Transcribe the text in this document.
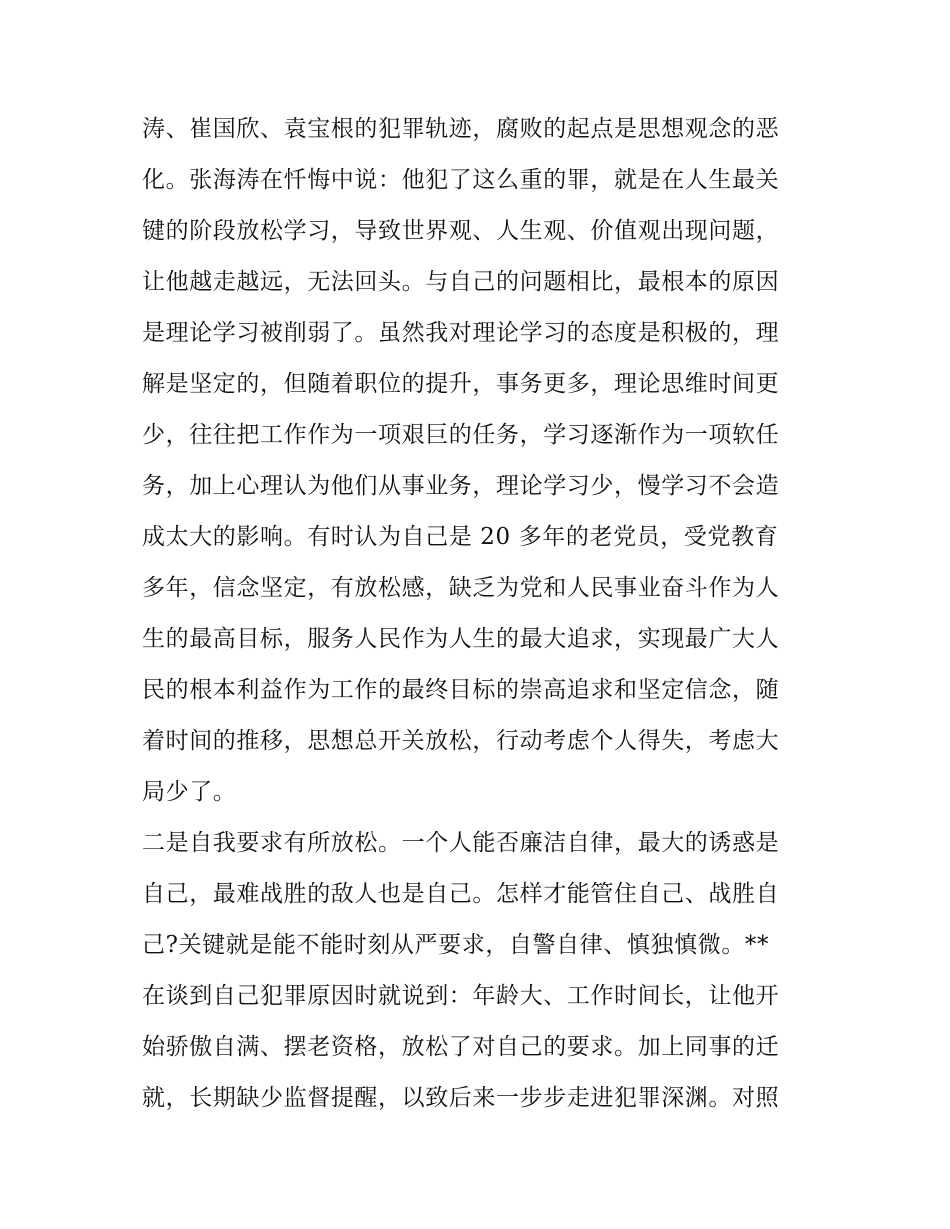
涛、崔国欣、袁宝根的犯罪轨迹，腐败的起点是思想观念的恶
化。张海涛在忏悔中说：他犯了这么重的罪，就是在人生最关
键的阶段放松学习，导致世界观、人生观、价值观出现问题，
让他越走越远，无法回头。与自己的问题相比，最根本的原因
是理论学习被削弱了。虽然我对理论学习的态度是积极的，理
解是坚定的，但随着职位的提升，事务更多，理论思维时间更
少，往往把工作作为一项艰巨的任务，学习逐渐作为一项软任
务，加上心理认为他们从事业务，理论学习少，慢学习不会造
成太大的影响。有时认为自己是 20 多年的老党员，受党教育
多年，信念坚定，有放松感，缺乏为党和人民事业奋斗作为人
生的最高目标，服务人民作为人生的最大追求，实现最广大人
民的根本利益作为工作的最终目标的崇高追求和坚定信念，随
着时间的推移，思想总开关放松，行动考虑个人得失，考虑大
局少了。
二是自我要求有所放松。一个人能否廉洁自律，最大的诱惑是
自己，最难战胜的敌人也是自己。怎样才能管住自己、战胜自
己?关键就是能不能时刻从严要求，自警自律、慎独慎微。**
在谈到自己犯罪原因时就说到：年龄大、工作时间长，让他开
始骄傲自满、摆老资格，放松了对自己的要求。加上同事的迁
就，长期缺少监督提醒，以致后来一步步走进犯罪深渊。对照
